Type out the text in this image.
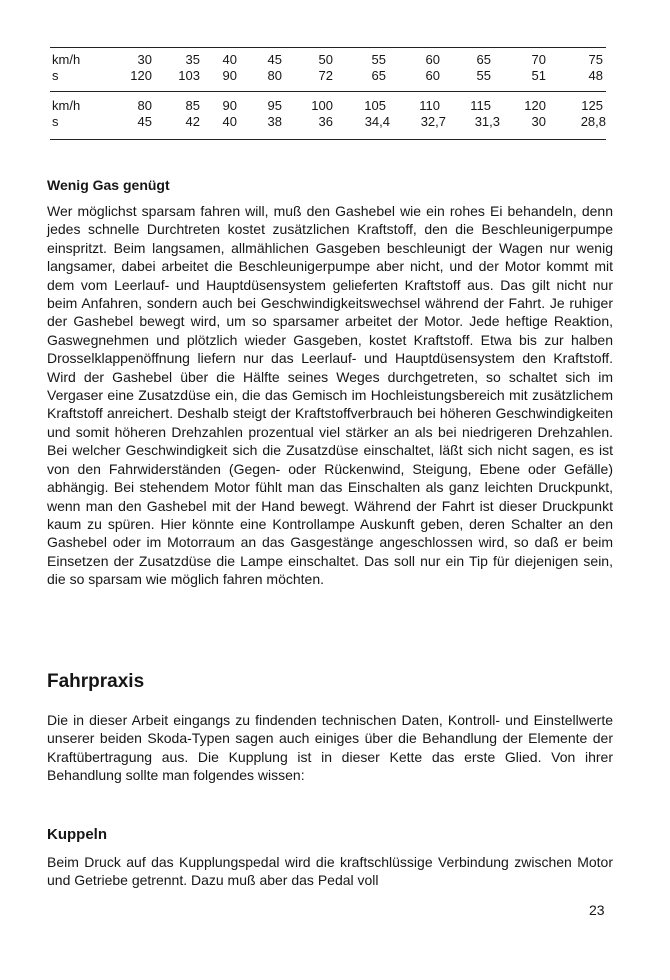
km/h	30	35	40	45	50	55	60	65	70	75
s	120	103	90	80	72	65	60	55	51	48
km/h	80	85	90	95	100	105	110	115	120	125
s	45	42	40	38	36	34,4	32,7	31,3	30	28,8
Wenig Gas genügt
Wer möglichst sparsam fahren will, muß den Gashebel wie ein rohes Ei behandeln, denn jedes schnelle Durchtreten kostet zusätzlichen Kraftstoff, den die Beschleunigerpumpe einspritzt. Beim langsamen, allmählichen Gasgeben beschleunigt der Wagen nur wenig langsamer, dabei arbeitet die Beschleunigerpumpe aber nicht, und der Motor kommt mit dem vom Leerlauf- und Hauptdüsensystem gelieferten Kraftstoff aus. Das gilt nicht nur beim Anfahren, sondern auch bei Geschwindigkeitswechsel während der Fahrt. Je ruhiger der Gashebel bewegt wird, um so sparsamer arbeitet der Motor. Jede heftige Reaktion, Gaswegnehmen und plötzlich wieder Gasgeben, kostet Kraftstoff. Etwa bis zur halben Drosselklappenöffnung liefern nur das Leerlauf- und Hauptdüsensystem den Kraftstoff. Wird der Gashebel über die Hälfte seines Weges durchgetreten, so schaltet sich im Vergaser eine Zusatzdüse ein, die das Gemisch im Hochleistungsbereich mit zusätzlichem Kraftstoff anreichert. Deshalb steigt der Kraftstoffverbrauch bei höheren Geschwindigkeiten und somit höheren Drehzahlen prozentual viel stärker an als bei niedrigeren Drehzahlen. Bei welcher Geschwindigkeit sich die Zusatzdüse einschaltet, läßt sich nicht sagen, es ist von den Fahrwiderständen (Gegen- oder Rückenwind, Steigung, Ebene oder Gefälle) abhängig. Bei stehendem Motor fühlt man das Einschalten als ganz leichten Druckpunkt, wenn man den Gashebel mit der Hand bewegt. Während der Fahrt ist dieser Druckpunkt kaum zu spüren. Hier könnte eine Kontrollampe Auskunft geben, deren Schalter an den Gashebel oder im Motorraum an das Gasgestänge angeschlossen wird, so daß er beim Einsetzen der Zusatzdüse die Lampe einschaltet. Das soll nur ein Tip für diejenigen sein, die so sparsam wie möglich fahren möchten.
Fahrpraxis
Die in dieser Arbeit eingangs zu findenden technischen Daten, Kontroll- und Einstellwerte unserer beiden Skoda-Typen sagen auch einiges über die Behandlung der Elemente der Kraftübertragung aus. Die Kupplung ist in dieser Kette das erste Glied. Von ihrer Behandlung sollte man folgendes wissen:
Kuppeln
Beim Druck auf das Kupplungspedal wird die kraftschlüssige Verbindung zwischen Motor und Getriebe getrennt. Dazu muß aber das Pedal voll
23
